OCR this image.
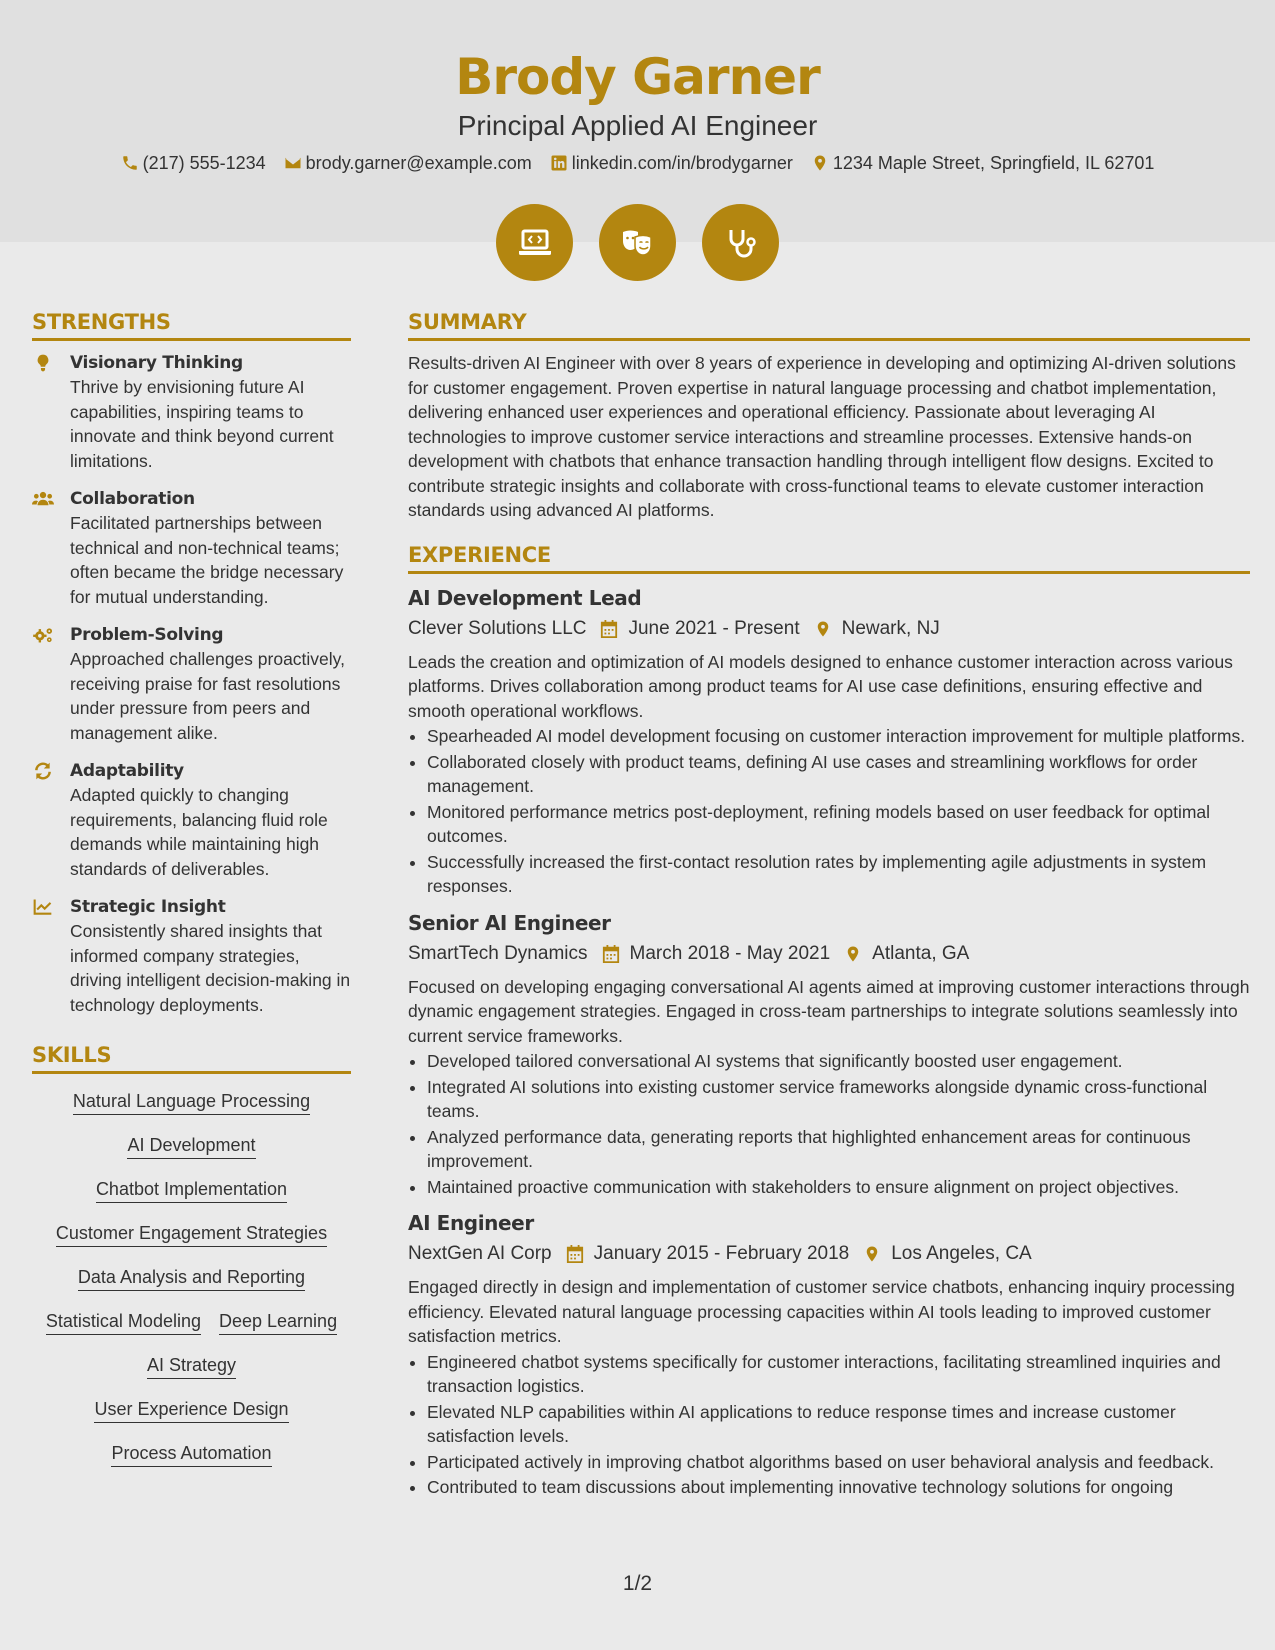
Brody Garner
Principal Applied AI Engineer
(217) 555-1234 brody.garner@example.com linkedin.com/in/brodygarner 1234 Maple Street, Springfield, IL 62701
STRENGTHS
Visionary Thinking
Thrive by envisioning future AI capabilities, inspiring teams to innovate and think beyond current limitations.
Collaboration
Facilitated partnerships between technical and non-technical teams; often became the bridge necessary for mutual understanding.
Problem-Solving
Approached challenges proactively, receiving praise for fast resolutions under pressure from peers and management alike.
Adaptability
Adapted quickly to changing requirements, balancing fluid role demands while maintaining high standards of deliverables.
Strategic Insight
Consistently shared insights that informed company strategies, driving intelligent decision-making in technology deployments.
SKILLS
Natural Language Processing
AI Development
Chatbot Implementation
Customer Engagement Strategies
Data Analysis and Reporting
Statistical Modeling Deep Learning
AI Strategy
User Experience Design
Process Automation
SUMMARY
Results-driven AI Engineer with over 8 years of experience in developing and optimizing AI-driven solutions for customer engagement. Proven expertise in natural language processing and chatbot implementation, delivering enhanced user experiences and operational efficiency. Passionate about leveraging AI technologies to improve customer service interactions and streamline processes. Extensive hands-on development with chatbots that enhance transaction handling through intelligent flow designs. Excited to contribute strategic insights and collaborate with cross-functional teams to elevate customer interaction standards using advanced AI platforms.
EXPERIENCE
AI Development Lead
Clever Solutions LLC June 2021 - Present Newark, NJ
Leads the creation and optimization of AI models designed to enhance customer interaction across various platforms. Drives collaboration among product teams for AI use case definitions, ensuring effective and smooth operational workflows.
• Spearheaded AI model development focusing on customer interaction improvement for multiple platforms.
• Collaborated closely with product teams, defining AI use cases and streamlining workflows for order management.
• Monitored performance metrics post-deployment, refining models based on user feedback for optimal outcomes.
• Successfully increased the first-contact resolution rates by implementing agile adjustments in system responses.
Senior AI Engineer
SmartTech Dynamics March 2018 - May 2021 Atlanta, GA
Focused on developing engaging conversational AI agents aimed at improving customer interactions through dynamic engagement strategies. Engaged in cross-team partnerships to integrate solutions seamlessly into current service frameworks.
• Developed tailored conversational AI systems that significantly boosted user engagement.
• Integrated AI solutions into existing customer service frameworks alongside dynamic cross-functional teams.
• Analyzed performance data, generating reports that highlighted enhancement areas for continuous improvement.
• Maintained proactive communication with stakeholders to ensure alignment on project objectives.
AI Engineer
NextGen AI Corp January 2015 - February 2018 Los Angeles, CA
Engaged directly in design and implementation of customer service chatbots, enhancing inquiry processing efficiency. Elevated natural language processing capacities within AI tools leading to improved customer satisfaction metrics.
• Engineered chatbot systems specifically for customer interactions, facilitating streamlined inquiries and transaction logistics.
• Elevated NLP capabilities within AI applications to reduce response times and increase customer satisfaction levels.
• Participated actively in improving chatbot algorithms based on user behavioral analysis and feedback.
• Contributed to team discussions about implementing innovative technology solutions for ongoing
1/2
